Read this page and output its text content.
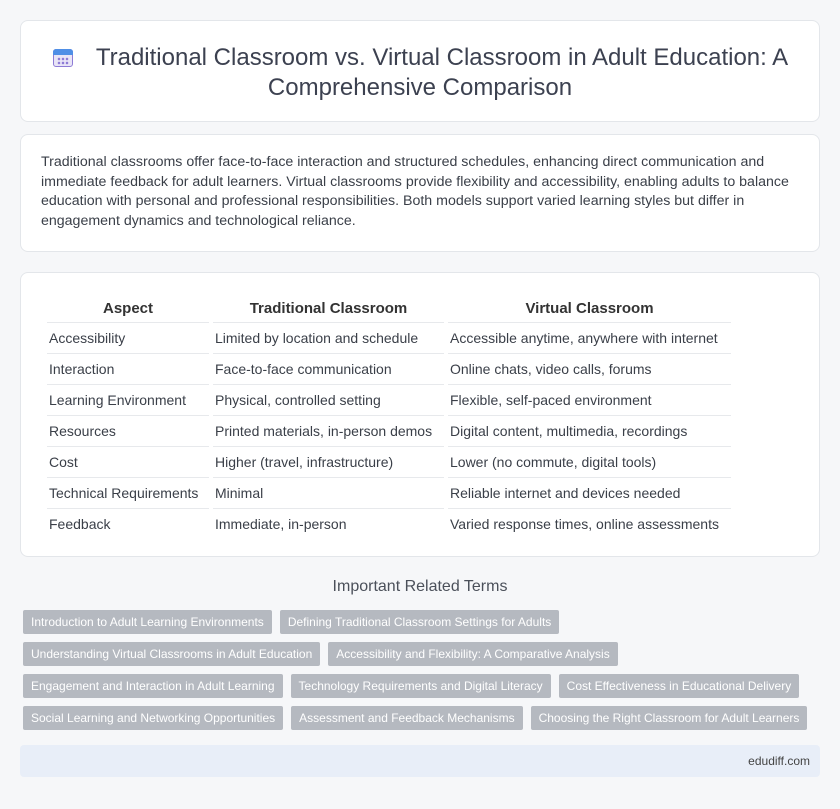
Traditional Classroom vs. Virtual Classroom in Adult Education: A Comprehensive Comparison

Traditional classrooms offer face-to-face interaction and structured schedules, enhancing direct communication and immediate feedback for adult learners. Virtual classrooms provide flexibility and accessibility, enabling adults to balance education with personal and professional responsibilities. Both models support varied learning styles but differ in engagement dynamics and technological reliance.

Aspect	Traditional Classroom	Virtual Classroom
Accessibility	Limited by location and schedule	Accessible anytime, anywhere with internet
Interaction	Face-to-face communication	Online chats, video calls, forums
Learning Environment	Physical, controlled setting	Flexible, self-paced environment
Resources	Printed materials, in-person demos	Digital content, multimedia, recordings
Cost	Higher (travel, infrastructure)	Lower (no commute, digital tools)
Technical Requirements	Minimal	Reliable internet and devices needed
Feedback	Immediate, in-person	Varied response times, online assessments
Important Related Terms
Introduction to Adult Learning Environments	Defining Traditional Classroom Settings for Adults
Understanding Virtual Classrooms in Adult Education	Accessibility and Flexibility: A Comparative Analysis
Engagement and Interaction in Adult Learning	Technology Requirements and Digital Literacy	Cost Effectiveness in Educational Delivery
Social Learning and Networking Opportunities	Assessment and Feedback Mechanisms	Choosing the Right Classroom for Adult Learners
edudiff.com
